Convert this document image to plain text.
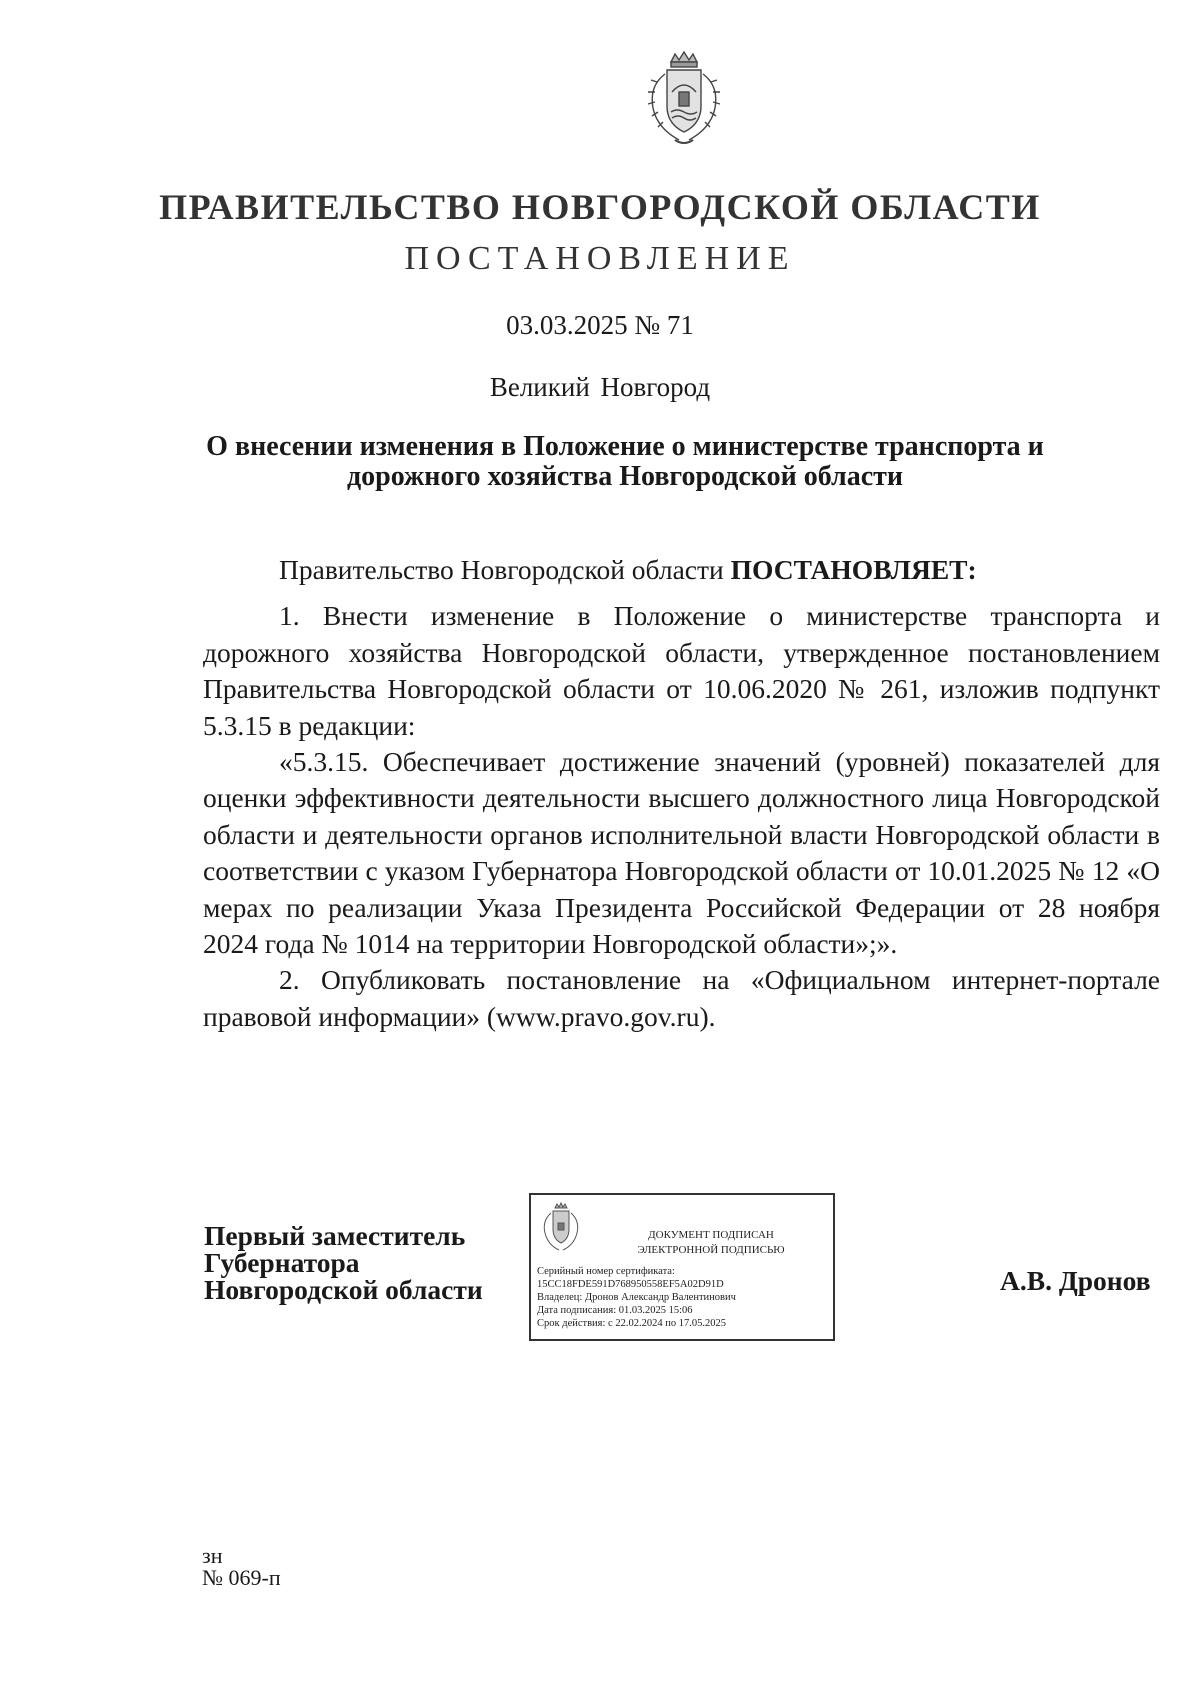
ПРАВИТЕЛЬСТВО НОВГОРОДСКОЙ ОБЛАСТИ
ПОСТАНОВЛЕНИЕ
03.03.2025 № 71
Великий Новгород
О внесении изменения в Положение о министерстве транспорта и
дорожного хозяйства Новгородской области

Правительство Новгородской области ПОСТАНОВЛЯЕТ:

1. Внести изменение в Положение о министерстве транспорта и дорожного хозяйства Новгородской области, утвержденное постановлением Правительства Новгородской области от 10.06.2020 № 261, изложив подпункт 5.3.15 в редакции:

«5.3.15. Обеспечивает достижение значений (уровней) показателей для оценки эффективности деятельности высшего должностного лица Новгородской области и деятельности органов исполнительной власти Новгородской области в соответствии с указом Губернатора Новгородской области от 10.01.2025 № 12 «О мерах по реализации Указа Президента Российской Федерации от 28 ноября 2024 года № 1014 на территории Новгородской области»;».

2. Опубликовать постановление на «Официальном интернет-портале правовой информации» (www.pravo.gov.ru).

Первый заместитель
Губернатора
Новгородской области
ДОКУМЕНТ ПОДПИСАН
ЭЛЕКТРОННОЙ ПОДПИСЬЮ
Серийный номер сертификата:
15CC18FDE591D768950558EF5A02D91D
Владелец: Дронов Александр Валентинович
Дата подписания: 01.03.2025 15:06
Срок действия: с 22.02.2024 по 17.05.2025
А.В. Дронов
зн
№ 069-п
